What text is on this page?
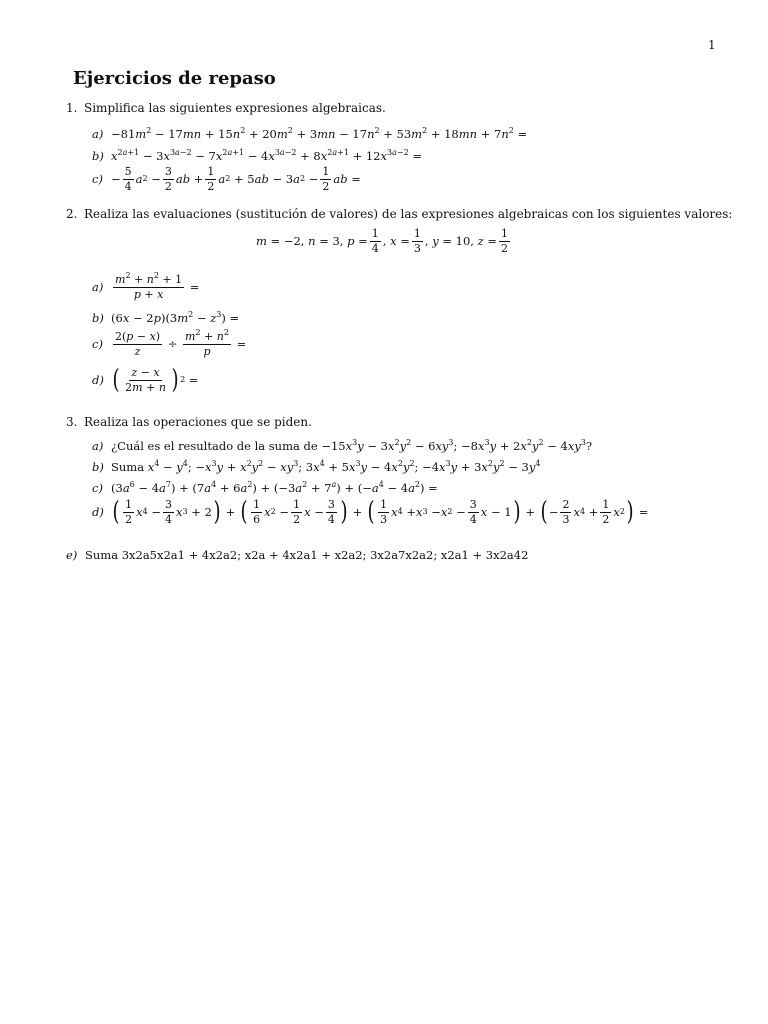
1
Ejercicios de repaso
1. Simplifica las siguientes expresiones algebraicas.
$a) -81m^2 - 17mn + 15n^2 + 20m^2 + 3mn - 17n^2 + 53m^2 + 18mn + 7n^2$ =
b) $x^{2a+1} - 3x^{3a-2} - 7x^{2a+1} - 4x^{3a-2} + 8x^{2a+1} + 12x^{3a-2}$ =
c) −
5
4 a 2 −
3
2 ab +
1
2 a 2 + 5 ab − 3 a 2 −
1
2 ab =
2. Realiza las evaluaciones (sustitución de valores) de las expresiones algebraicas con los siguientes valores:
m = −2, n = 3, $p = \frac{1}{4}$ , $x = \frac{1}{3}$ , y = 10, $z = \frac{1}{2}$
a)
$m^2 + n^2 + 1$
p + x =
b) $(6x - 2p)(3m^2 - z^3)$ =
c)
2(p − x)
z ÷
$m^2 + n^2$
p =
d) ( z − x
2m + n ) 2 =
3. Realiza las operaciones que se piden.
a) ¿Cuál es el resultado de la suma de $-15x^3y - 3x^2y^2 - 6xy^3$; $-8x^3y + 2x^2y^2 - 4xy^3$?
b) Suma $x^4 - y^4$; $-x^3y + x^2y^2 - xy^3$; $3x^4 + 5x^3y - 4x^2y^2$; $-4x^3y + 3x^2y^2 - 3y^4$
c) $(3a^6 - 4a^7) + (7a^4 + 6a^2) + (-3a^2 + 7^a) + (-a^4 - 4a^2)$ =
d) ( 1
2 x 4 −
3
4 x 3 + 2 ) + ( 1
6 x 2 −
1
2 x −
3
4 ) + ( 1
3 x 4 + x 3 − x 2 −
3
4 x − 1 ) + ( −
2
3 x 4 +
1
2 x 2 ) =
e) Suma 3x2a5x2a1 + 4x2a2; x2a + 4x2a1 + x2a2; 3x2a7x2a2; x2a1 + 3x2a42
